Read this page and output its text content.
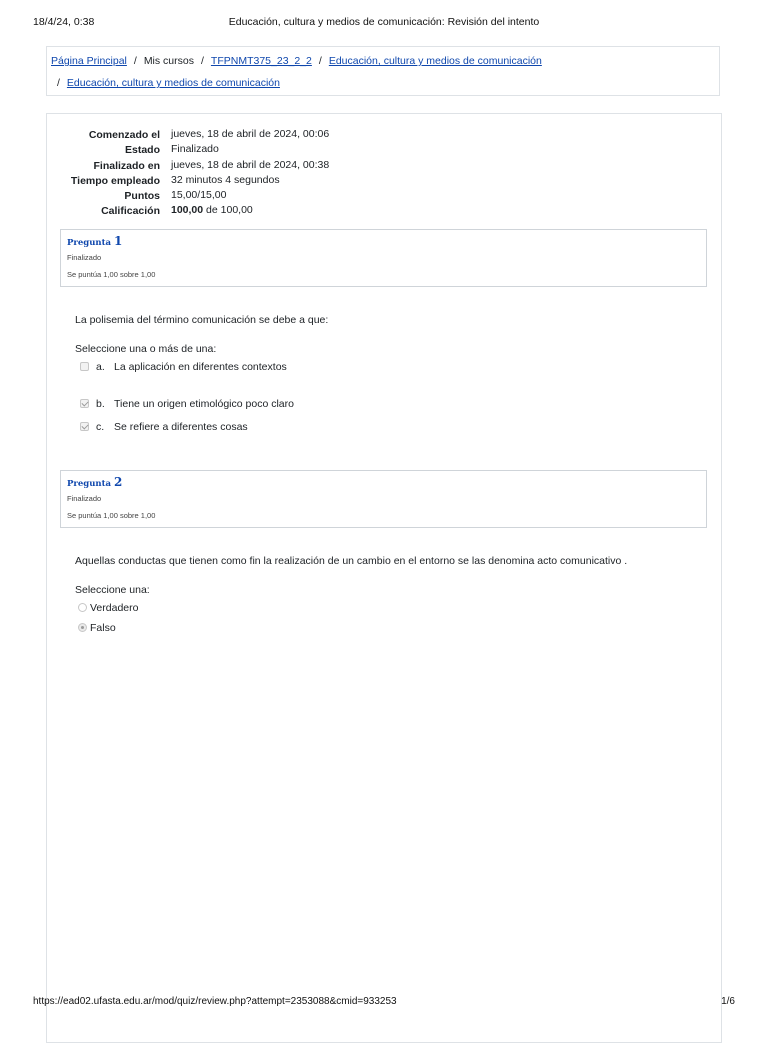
18/4/24, 0:38	Educación, cultura y medios de comunicación: Revisión del intento
Página Principal / Mis cursos / TFPNMT375_23_2_2 / Educación, cultura y medios de comunicación
/ Educación, cultura y medios de comunicación
Comenzado el jueves, 18 de abril de 2024, 00:06
Estado Finalizado
Finalizado en jueves, 18 de abril de 2024, 00:38
Tiempo empleado 32 minutos 4 segundos
Puntos 15,00/15,00
Calificación 100,00 de 100,00
Pregunta 1
Finalizado
Se puntúa 1,00 sobre 1,00
La polisemia del término comunicación se debe a que:
Seleccione una o más de una:
a. La aplicación en diferentes contextos
b. Tiene un origen etimológico poco claro
c. Se refiere a diferentes cosas
Pregunta 2
Finalizado
Se puntúa 1,00 sobre 1,00
Aquellas conductas que tienen como fin la realización de un cambio en el entorno se las denomina acto comunicativo .
Seleccione una:
Verdadero
Falso
https://ead02.ufasta.edu.ar/mod/quiz/review.php?attempt=2353088&cmid=933253	1/6
